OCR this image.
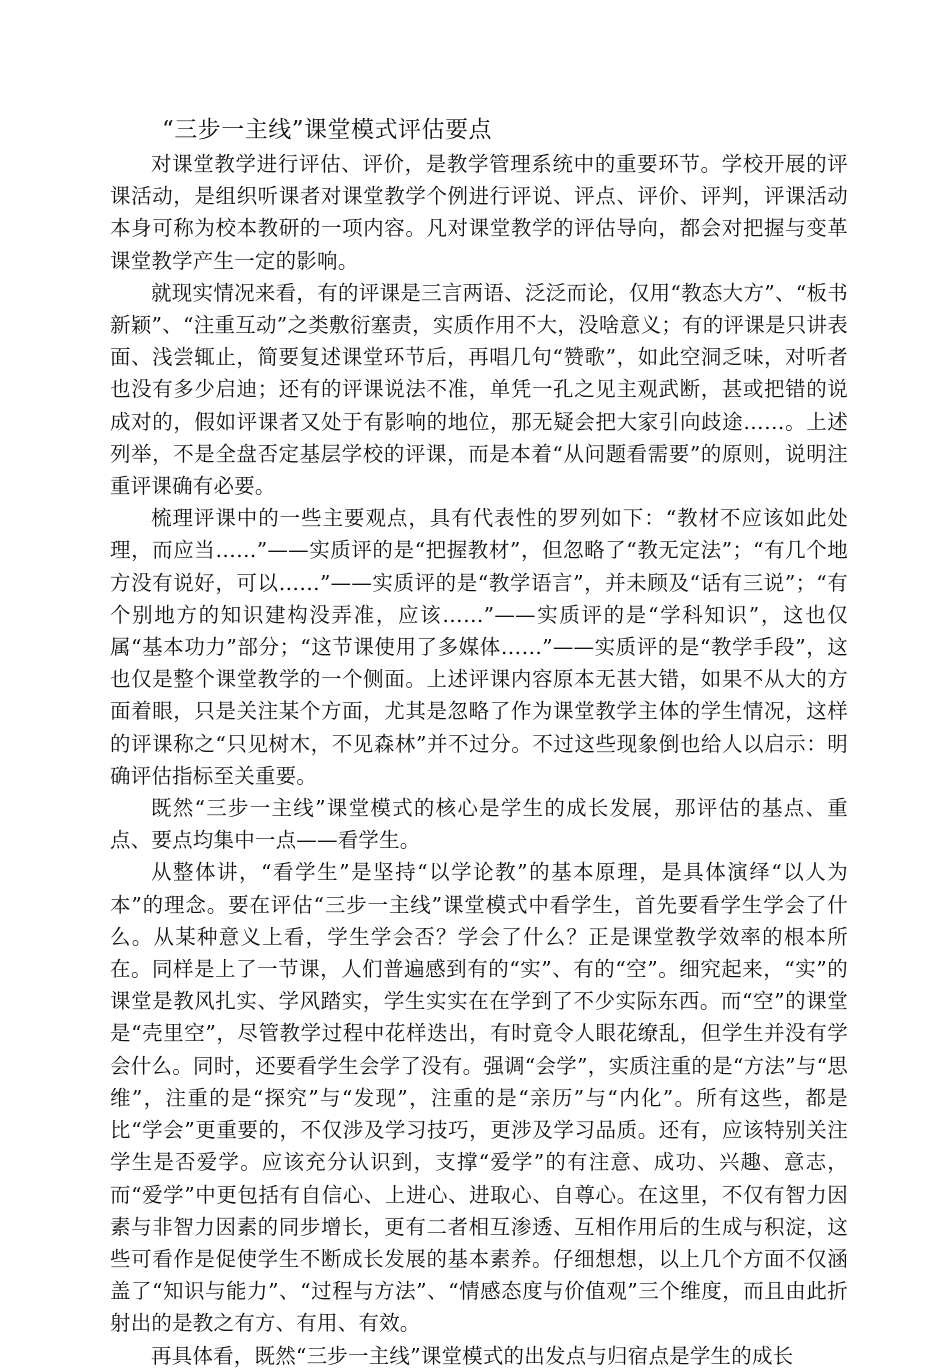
“三步一主线”课堂模式评估要点

对课堂教学进行评估、评价，是教学管理系统中的重要环节。学校开展的评课活动，是组织听课者对课堂教学个例进行评说、评点、评价、评判，评课活动本身可称为校本教研的一项内容。凡对课堂教学的评估导向，都会对把握与变革课堂教学产生一定的影响。

就现实情况来看，有的评课是三言两语、泛泛而论，仅用“教态大方”、“板书新颖”、“注重互动”之类敷衍塞责，实质作用不大，没啥意义；有的评课是只讲表面、浅尝辄止，简要复述课堂环节后，再唱几句“赞歌”，如此空洞乏味，对听者也没有多少启迪；还有的评课说法不准，单凭一孔之见主观武断，甚或把错的说成对的，假如评课者又处于有影响的地位，那无疑会把大家引向歧途……。上述列举，不是全盘否定基层学校的评课，而是本着“从问题看需要”的原则，说明注重评课确有必要。

梳理评课中的一些主要观点，具有代表性的罗列如下：“教材不应该如此处理，而应当……”——实质评的是“把握教材”，但忽略了“教无定法”；“有几个地方没有说好，可以……”——实质评的是“教学语言”，并未顾及“话有三说”；“有个别地方的知识建构没弄准，应该……”——实质评的是“学科知识”，这也仅属“基本功力”部分；“这节课使用了多媒体……”——实质评的是“教学手段”，这也仅是整个课堂教学的一个侧面。上述评课内容原本无甚大错，如果不从大的方面着眼，只是关注某个方面，尤其是忽略了作为课堂教学主体的学生情况，这样的评课称之“只见树木，不见森林”并不过分。不过这些现象倒也给人以启示：明确评估指标至关重要。

既然“三步一主线”课堂模式的核心是学生的成长发展，那评估的基点、重点、要点均集中一点——看学生。

从整体讲，“看学生”是坚持“以学论教”的基本原理，是具体演绎“以人为本”的理念。要在评估“三步一主线”课堂模式中看学生，首先要看学生学会了什么。从某种意义上看，学生学会否？学会了什么？正是课堂教学效率的根本所在。同样是上了一节课，人们普遍感到有的“实”、有的“空”。细究起来，“实”的课堂是教风扎实、学风踏实，学生实实在在学到了不少实际东西。而“空”的课堂是“壳里空”，尽管教学过程中花样迭出，有时竟令人眼花缭乱，但学生并没有学会什么。同时，还要看学生会学了没有。强调“会学”，实质注重的是“方法”与“思维”，注重的是“探究”与“发现”，注重的是“亲历”与“内化”。所有这些，都是比“学会”更重要的，不仅涉及学习技巧，更涉及学习品质。还有，应该特别关注学生是否爱学。应该充分认识到，支撑“爱学”的有注意、成功、兴趣、意志，而“爱学”中更包括有自信心、上进心、进取心、自尊心。在这里，不仅有智力因素与非智力因素的同步增长，更有二者相互渗透、互相作用后的生成与积淀，这些可看作是促使学生不断成长发展的基本素养。仔细想想，以上几个方面不仅涵盖了“知识与能力”、“过程与方法”、“情感态度与价值观”三个维度，而且由此折射出的是教之有方、有用、有效。

再具体看，既然“三步一主线”课堂模式的出发点与归宿点是学生的成长
